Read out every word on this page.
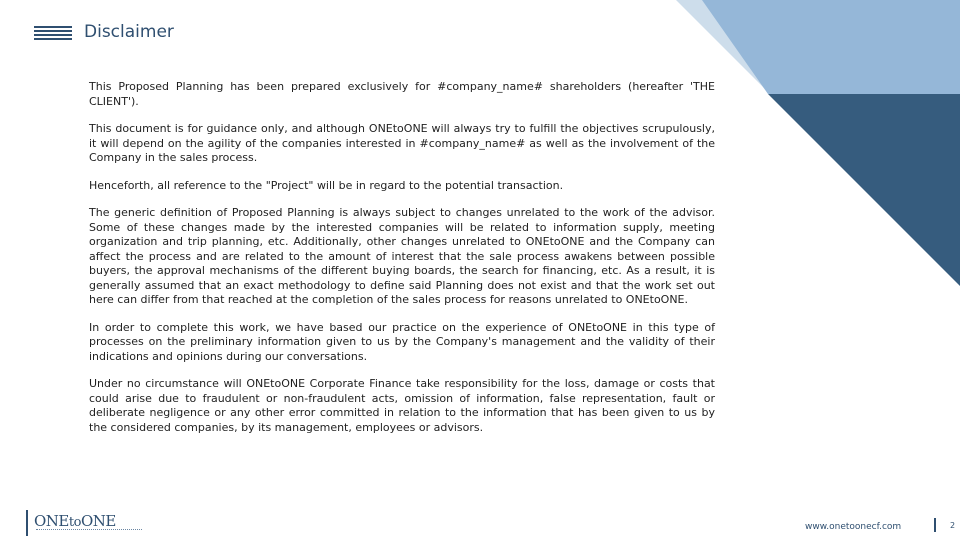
Disclaimer

This Proposed Planning has been prepared exclusively for #company_name# shareholders (hereafter 'THE CLIENT').

This document is for guidance only, and although ONEtoONE will always try to fulfill the objectives scrupulously, it will depend on the agility of the companies interested in #company_name# as well as the involvement of the Company in the sales process.

Henceforth, all reference to the "Project" will be in regard to the potential transaction.

The generic definition of Proposed Planning is always subject to changes unrelated to the work of the advisor. Some of these changes made by the interested companies will be related to information supply, meeting organization and trip planning, etc. Additionally, other changes unrelated to ONEtoONE and the Company can affect the process and are related to the amount of interest that the sale process awakens between possible buyers, the approval mechanisms of the different buying boards, the search for financing, etc. As a result, it is generally assumed that an exact methodology to define said Planning does not exist and that the work set out here can differ from that reached at the completion of the sales process for reasons unrelated to ONEtoONE.

In order to complete this work, we have based our practice on the experience of ONEtoONE in this type of processes on the preliminary information given to us by the Company's management and the validity of their indications and opinions during our conversations.

Under no circumstance will ONEtoONE Corporate Finance take responsibility for the loss, damage or costs that could arise due to fraudulent or non-fraudulent acts, omission of information, false representation, fault or deliberate negligence or any other error committed in relation to the information that has been given to us by the considered companies, by its management, employees or advisors.

ONEtoONE	www.onetoonecf.com	2
